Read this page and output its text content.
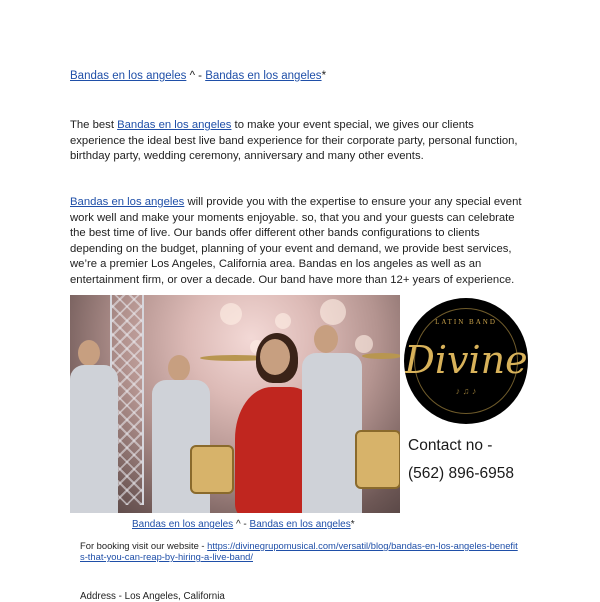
Bandas en los angeles ^ - Bandas en los angeles*

The best Bandas en los angeles to make your event special, we gives our clients experience the ideal best live band experience for their corporate party, personal function, birthday party, wedding ceremony, anniversary and many other events.

Bandas en los angeles will provide you with the expertise to ensure your any special event work well and make your moments enjoyable. so, that you and your guests can celebrate the best time of live. Our bands offer different other bands configurations to clients depending on the budget, planning of your event and demand, we provide best services, we’re a premier Los Angeles, California area. Bandas en los angeles as well as an entertainment firm, or over a decade. Our band have more than 12+ years of experience.

LATIN BAND
Divine
♪ ♫ ♪
Contact no -
(562) 896-6958
Bandas en los angeles ^ - Bandas en los angeles*
For booking visit our website - https://divinegrupomusical.com/versatil/blog/bandas-en-los-angeles-benefits-that-you-can-reap-by-hiring-a-live-band/
Address - Los Angeles, California
